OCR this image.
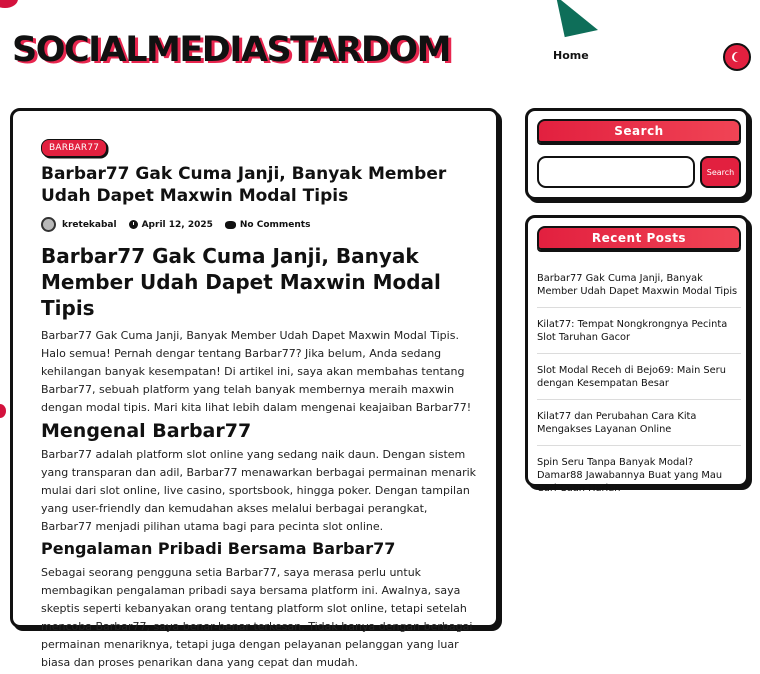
SOCIALMEDIASTARDOM	Home
BARBAR77
Barbar77 Gak Cuma Janji, Banyak Member Udah Dapet Maxwin Modal Tipis
kretekabal	April 12, 2025	No Comments
Barbar77 Gak Cuma Janji, Banyak Member Udah Dapet Maxwin Modal Tipis

Barbar77 Gak Cuma Janji, Banyak Member Udah Dapet Maxwin Modal Tipis. Halo semua! Pernah dengar tentang Barbar77? Jika belum, Anda sedang kehilangan banyak kesempatan! Di artikel ini, saya akan membahas tentang Barbar77, sebuah platform yang telah banyak membernya meraih maxwin dengan modal tipis. Mari kita lihat lebih dalam mengenai keajaiban Barbar77!

Mengenal Barbar77

Barbar77 adalah platform slot online yang sedang naik daun. Dengan sistem yang transparan dan adil, Barbar77 menawarkan berbagai permainan menarik mulai dari slot online, live casino, sportsbook, hingga poker. Dengan tampilan yang user-friendly dan kemudahan akses melalui berbagai perangkat, Barbar77 menjadi pilihan utama bagi para pecinta slot online.

Pengalaman Pribadi Bersama Barbar77

Sebagai seorang pengguna setia Barbar77, saya merasa perlu untuk membagikan pengalaman pribadi saya bersama platform ini. Awalnya, saya skeptis seperti kebanyakan orang tentang platform slot online, tetapi setelah mencoba Barbar77, saya benar-benar terkesan. Tidak hanya dengan berbagai permainan menariknya, tetapi juga dengan pelayanan pelanggan yang luar biasa dan proses penarikan dana yang cepat dan mudah.

Search
Search
Recent Posts
Barbar77 Gak Cuma Janji, Banyak Member Udah Dapet Maxwin Modal Tipis
Kilat77: Tempat Nongkrongnya Pecinta Slot Taruhan Gacor
Slot Modal Receh di Bejo69: Main Seru dengan Kesempatan Besar
Kilat77 dan Perubahan Cara Kita Mengakses Layanan Online
Spin Seru Tanpa Banyak Modal? Damar88 Jawabannya Buat yang Mau Cari Cuan Harian
